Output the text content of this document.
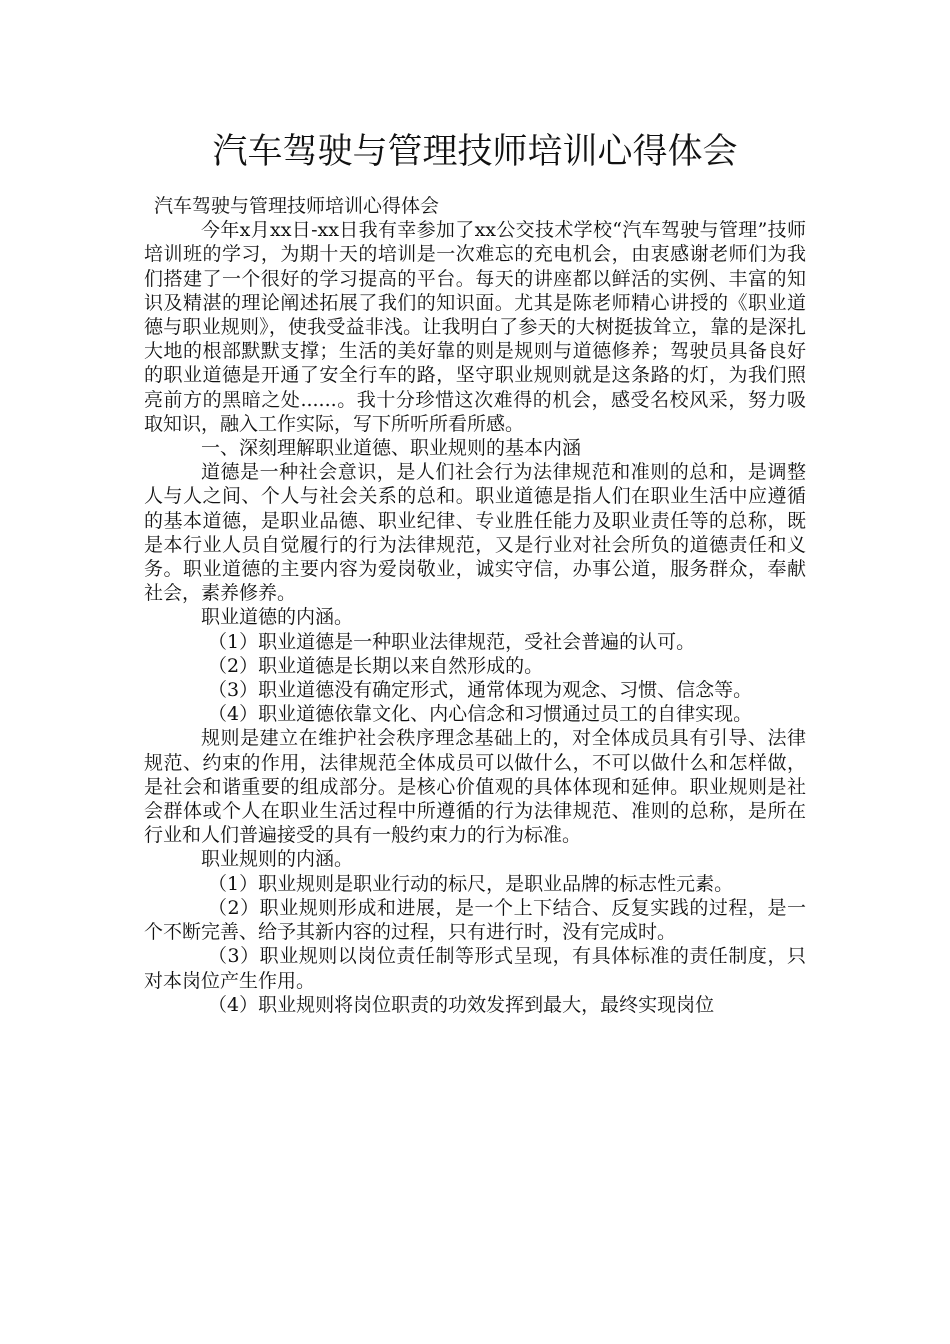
汽车驾驶与管理技师培训心得体会

汽车驾驶与管理技师培训心得体会

今年x月xx日-xx日我有幸参加了xx公交技术学校“汽车驾驶与管理”技师培训班的学习，为期十天的培训是一次难忘的充电机会，由衷感谢老师们为我们搭建了一个很好的学习提高的平台。每天的讲座都以鲜活的实例、丰富的知识及精湛的理论阐述拓展了我们的知识面。尤其是陈老师精心讲授的《职业道德与职业规则》，使我受益非浅。让我明白了参天的大树挺拔耸立，靠的是深扎大地的根部默默支撑；生活的美好靠的则是规则与道德修养；驾驶员具备良好的职业道德是开通了安全行车的路，坚守职业规则就是这条路的灯，为我们照亮前方的黑暗之处......。我十分珍惜这次难得的机会，感受名校风采，努力吸取知识，融入工作实际，写下所听所看所感。

一、深刻理解职业道德、职业规则的基本内涵

道德是一种社会意识，是人们社会行为法律规范和准则的总和，是调整人与人之间、个人与社会关系的总和。职业道德是指人们在职业生活中应遵循的基本道德，是职业品德、职业纪律、专业胜任能力及职业责任等的总称，既是本行业人员自觉履行的行为法律规范，又是行业对社会所负的道德责任和义务。职业道德的主要内容为爱岗敬业，诚实守信，办事公道，服务群众，奉献社会，素养修养。

职业道德的内涵。

（1）职业道德是一种职业法律规范，受社会普遍的认可。

（2）职业道德是长期以来自然形成的。

（3）职业道德没有确定形式，通常体现为观念、习惯、信念等。

（4）职业道德依靠文化、内心信念和习惯通过员工的自律实现。

规则是建立在维护社会秩序理念基础上的，对全体成员具有引导、法律规范、约束的作用，法律规范全体成员可以做什么，不可以做什么和怎样做，是社会和谐重要的组成部分。是核心价值观的具体体现和延伸。职业规则是社会群体或个人在职业生活过程中所遵循的行为法律规范、准则的总称，是所在行业和人们普遍接受的具有一般约束力的行为标准。

职业规则的内涵。

（1）职业规则是职业行动的标尺，是职业品牌的标志性元素。

（2）职业规则形成和进展，是一个上下结合、反复实践的过程，是一个不断完善、给予其新内容的过程，只有进行时，没有完成时。

（3）职业规则以岗位责任制等形式呈现，有具体标准的责任制度，只对本岗位产生作用。

（4）职业规则将岗位职责的功效发挥到最大，最终实现岗位
